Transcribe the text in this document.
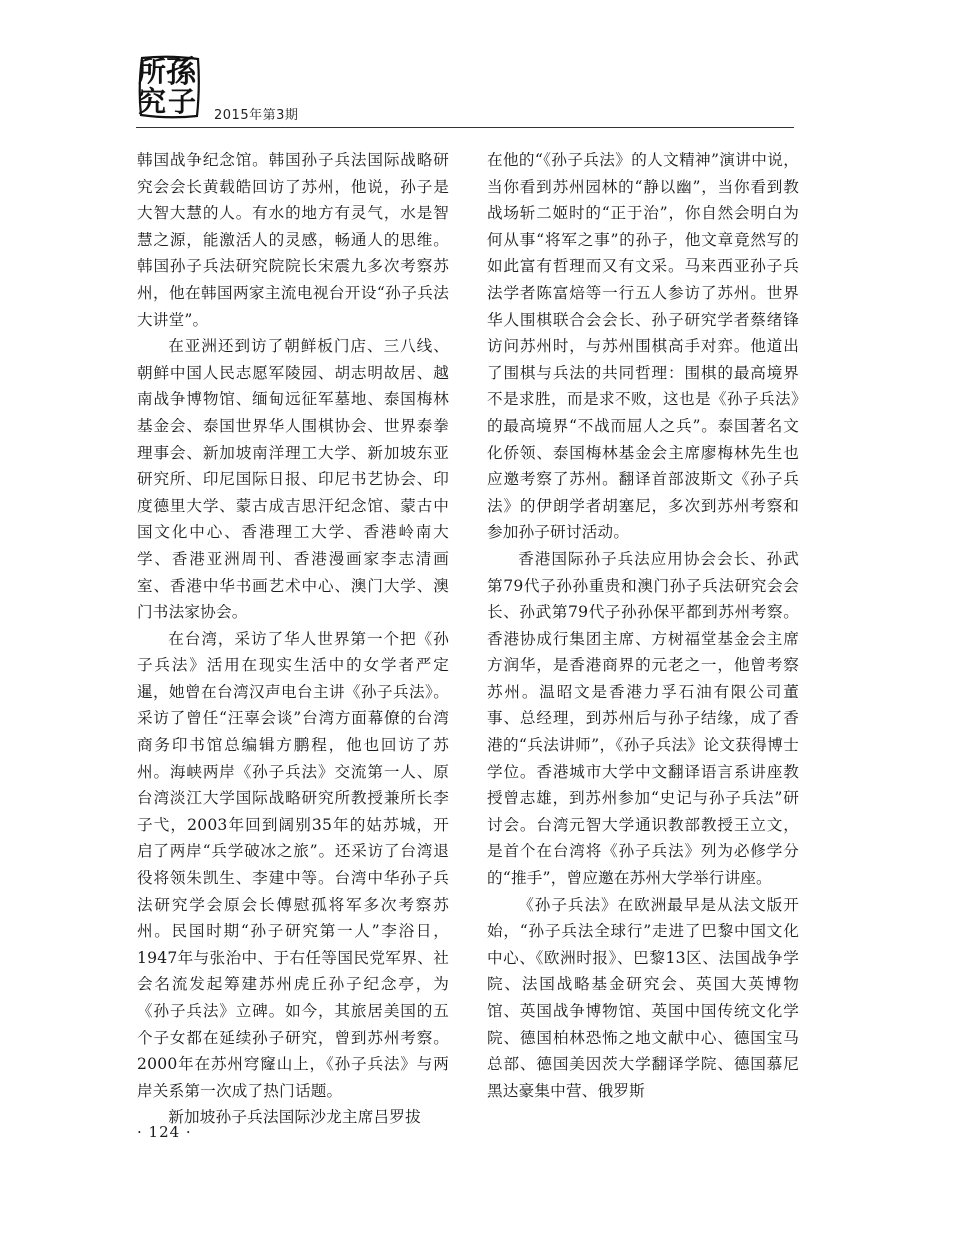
所 孫
究 子 2015年第3期

韩国战争纪念馆。韩国孙子兵法国际战略研究会会长黄载皓回访了苏州，他说，孙子是大智大慧的人。有水的地方有灵气，水是智慧之源，能激活人的灵感，畅通人的思维。韩国孙子兵法研究院院长宋震九多次考察苏州，他在韩国两家主流电视台开设“孙子兵法大讲堂”。

在亚洲还到访了朝鲜板门店、三八线、朝鲜中国人民志愿军陵园、胡志明故居、越南战争博物馆、缅甸远征军墓地、泰国梅林基金会、泰国世界华人围棋协会、世界泰拳理事会、新加坡南洋理工大学、新加坡东亚研究所、印尼国际日报、印尼书艺协会、印度德里大学、蒙古成吉思汗纪念馆、蒙古中国文化中心、香港理工大学、香港岭南大学、香港亚洲周刊、香港漫画家李志清画室、香港中华书画艺术中心、澳门大学、澳门书法家协会。

在台湾，采访了华人世界第一个把《孙子兵法》活用在现实生活中的女学者严定暹，她曾在台湾汉声电台主讲《孙子兵法》。采访了曾任“汪辜会谈”台湾方面幕僚的台湾商务印书馆总编辑方鹏程，他也回访了苏州。海峡两岸《孙子兵法》交流第一人、原台湾淡江大学国际战略研究所教授兼所长李子弋，2003年回到阔别35年的姑苏城，开启了两岸“兵学破冰之旅”。还采访了台湾退役将领朱凯生、李建中等。台湾中华孙子兵法研究学会原会长傅慰孤将军多次考察苏州。民国时期“孙子研究第一人”李浴日，1947年与张治中、于右任等国民党军界、社会名流发起筹建苏州虎丘孙子纪念亭，为《孙子兵法》立碑。如今，其旅居美国的五个子女都在延续孙子研究，曾到苏州考察。2000年在苏州穹窿山上，《孙子兵法》与两岸关系第一次成了热门话题。

新加坡孙子兵法国际沙龙主席吕罗拔

在他的“《孙子兵法》的人文精神”演讲中说，当你看到苏州园林的“静以幽”，当你看到教战场斩二姬时的“正于治”，你自然会明白为何从事“将军之事”的孙子，他文章竟然写的如此富有哲理而又有文采。马来西亚孙子兵法学者陈富焙等一行五人参访了苏州。世界华人围棋联合会会长、孙子研究学者蔡绪锋访问苏州时，与苏州围棋高手对弈。他道出了围棋与兵法的共同哲理：围棋的最高境界不是求胜，而是求不败，这也是《孙子兵法》的最高境界“不战而屈人之兵”。泰国著名文化侨领、泰国梅林基金会主席廖梅林先生也应邀考察了苏州。翻译首部波斯文《孙子兵法》的伊朗学者胡塞尼，多次到苏州考察和参加孙子研讨活动。

香港国际孙子兵法应用协会会长、孙武第79代子孙孙重贵和澳门孙子兵法研究会会长、孙武第79代子孙孙保平都到苏州考察。香港协成行集团主席、方树福堂基金会主席方润华，是香港商界的元老之一，他曾考察苏州。温昭文是香港力孚石油有限公司董事、总经理，到苏州后与孙子结缘，成了香港的“兵法讲师”，《孙子兵法》论文获得博士学位。香港城市大学中文翻译语言系讲座教授曾志雄，到苏州参加“史记与孙子兵法”研讨会。台湾元智大学通识教部教授王立文，是首个在台湾将《孙子兵法》列为必修学分的“推手”，曾应邀在苏州大学举行讲座。

《孙子兵法》在欧洲最早是从法文版开始，“孙子兵法全球行”走进了巴黎中国文化中心、《欧洲时报》、巴黎13区、法国战争学院、法国战略基金研究会、英国大英博物馆、英国战争博物馆、英国中国传统文化学院、德国柏林恐怖之地文献中心、德国宝马总部、德国美因茨大学翻译学院、德国慕尼黑达豪集中营、俄罗斯

· 124 ·
